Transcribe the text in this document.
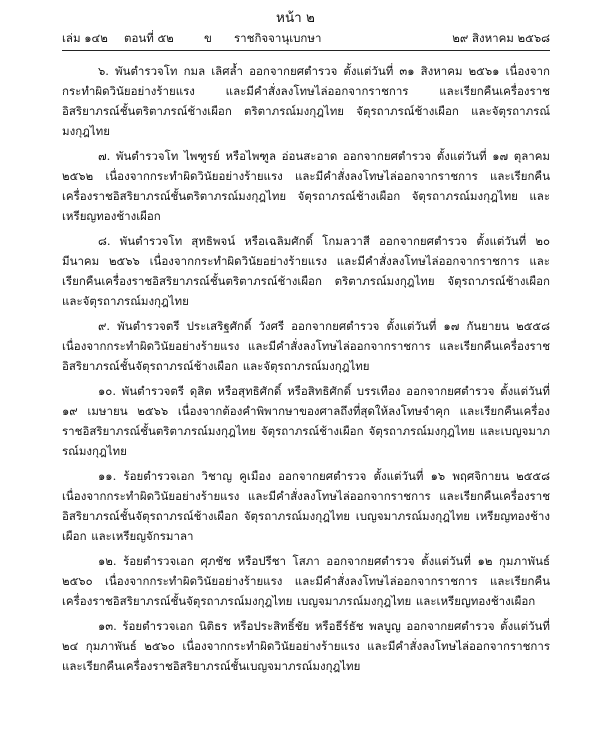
หน้า ๒
เล่ม ๑๔๒ ตอนที่ ๕๒	ข ราชกิจจานุเบกษา	๒๙ สิงหาคม ๒๕๖๘

๖. พันตำรวจโท กมล เลิศล้ำ ออกจากยศตำรวจ ตั้งแต่วันที่ ๓๑ สิงหาคม ๒๕๖๑ เนื่องจากกระทำผิดวินัยอย่างร้ายแรง และมีคำสั่งลงโทษไล่ออกจากราชการ และเรียกคืนเครื่องราชอิสริยาภรณ์ชั้นตริตาภรณ์ช้างเผือก ตริตาภรณ์มงกุฎไทย จัตุรถาภรณ์ช้างเผือก และจัตุรถาภรณ์มงกุฎไทย

๗. พันตำรวจโท ไพฑูรย์ หรือไพฑูล อ่อนสะอาด ออกจากยศตำรวจ ตั้งแต่วันที่ ๑๗ ตุลาคม ๒๕๖๒ เนื่องจากกระทำผิดวินัยอย่างร้ายแรง และมีคำสั่งลงโทษไล่ออกจากราชการ และเรียกคืนเครื่องราชอิสริยาภรณ์ชั้นตริตาภรณ์มงกุฎไทย จัตุรถาภรณ์ช้างเผือก จัตุรถาภรณ์มงกุฎไทย และเหรียญทองช้างเผือก

๘. พันตำรวจโท สุทธิพจน์ หรือเฉลิมศักดิ์ โกมลวาสี ออกจากยศตำรวจ ตั้งแต่วันที่ ๒๐ มีนาคม ๒๕๖๖ เนื่องจากกระทำผิดวินัยอย่างร้ายแรง และมีคำสั่งลงโทษไล่ออกจากราชการ และเรียกคืนเครื่องราชอิสริยาภรณ์ชั้นตริตาภรณ์ช้างเผือก ตริตาภรณ์มงกุฎไทย จัตุรถาภรณ์ช้างเผือก และจัตุรถาภรณ์มงกุฎไทย

๙. พันตำรวจตรี ประเสริฐศักดิ์ วังศรี ออกจากยศตำรวจ ตั้งแต่วันที่ ๑๗ กันยายน ๒๕๕๘ เนื่องจากกระทำผิดวินัยอย่างร้ายแรง และมีคำสั่งลงโทษไล่ออกจากราชการ และเรียกคืนเครื่องราชอิสริยาภรณ์ชั้นจัตุรถาภรณ์ช้างเผือก และจัตุรถาภรณ์มงกุฎไทย

๑๐. พันตำรวจตรี ดุสิต หรือสุทธิศักดิ์ หรือสิทธิศักดิ์ บรรเทือง ออกจากยศตำรวจ ตั้งแต่วันที่ ๑๙ เมษายน ๒๕๖๖ เนื่องจากต้องคำพิพากษาของศาลถึงที่สุดให้ลงโทษจำคุก และเรียกคืนเครื่องราชอิสริยาภรณ์ชั้นตริตาภรณ์มงกุฎไทย จัตุรถาภรณ์ช้างเผือก จัตุรถาภรณ์มงกุฎไทย และเบญจมาภรณ์มงกุฎไทย

๑๑. ร้อยตำรวจเอก วิชาญ คูเมือง ออกจากยศตำรวจ ตั้งแต่วันที่ ๑๖ พฤศจิกายน ๒๕๕๘ เนื่องจากกระทำผิดวินัยอย่างร้ายแรง และมีคำสั่งลงโทษไล่ออกจากราชการ และเรียกคืนเครื่องราชอิสริยาภรณ์ชั้นจัตุรถาภรณ์ช้างเผือก จัตุรถาภรณ์มงกุฎไทย เบญจมาภรณ์มงกุฎไทย เหรียญทองช้างเผือก และเหรียญจักรมาลา

๑๒. ร้อยตำรวจเอก ศุภชัช หรือปรีชา โสภา ออกจากยศตำรวจ ตั้งแต่วันที่ ๑๒ กุมภาพันธ์ ๒๕๖๐ เนื่องจากกระทำผิดวินัยอย่างร้ายแรง และมีคำสั่งลงโทษไล่ออกจากราชการ และเรียกคืนเครื่องราชอิสริยาภรณ์ชั้นจัตุรถาภรณ์มงกุฎไทย เบญจมาภรณ์มงกุฎไทย และเหรียญทองช้างเผือก

๑๓. ร้อยตำรวจเอก นิติธร หรือประสิทธิ์ชัย หรือธีร์ธัช พลบูญ ออกจากยศตำรวจ ตั้งแต่วันที่ ๒๔ กุมภาพันธ์ ๒๕๖๐ เนื่องจากกระทำผิดวินัยอย่างร้ายแรง และมีคำสั่งลงโทษไล่ออกจากราชการ และเรียกคืนเครื่องราชอิสริยาภรณ์ชั้นเบญจมาภรณ์มงกุฎไทย
